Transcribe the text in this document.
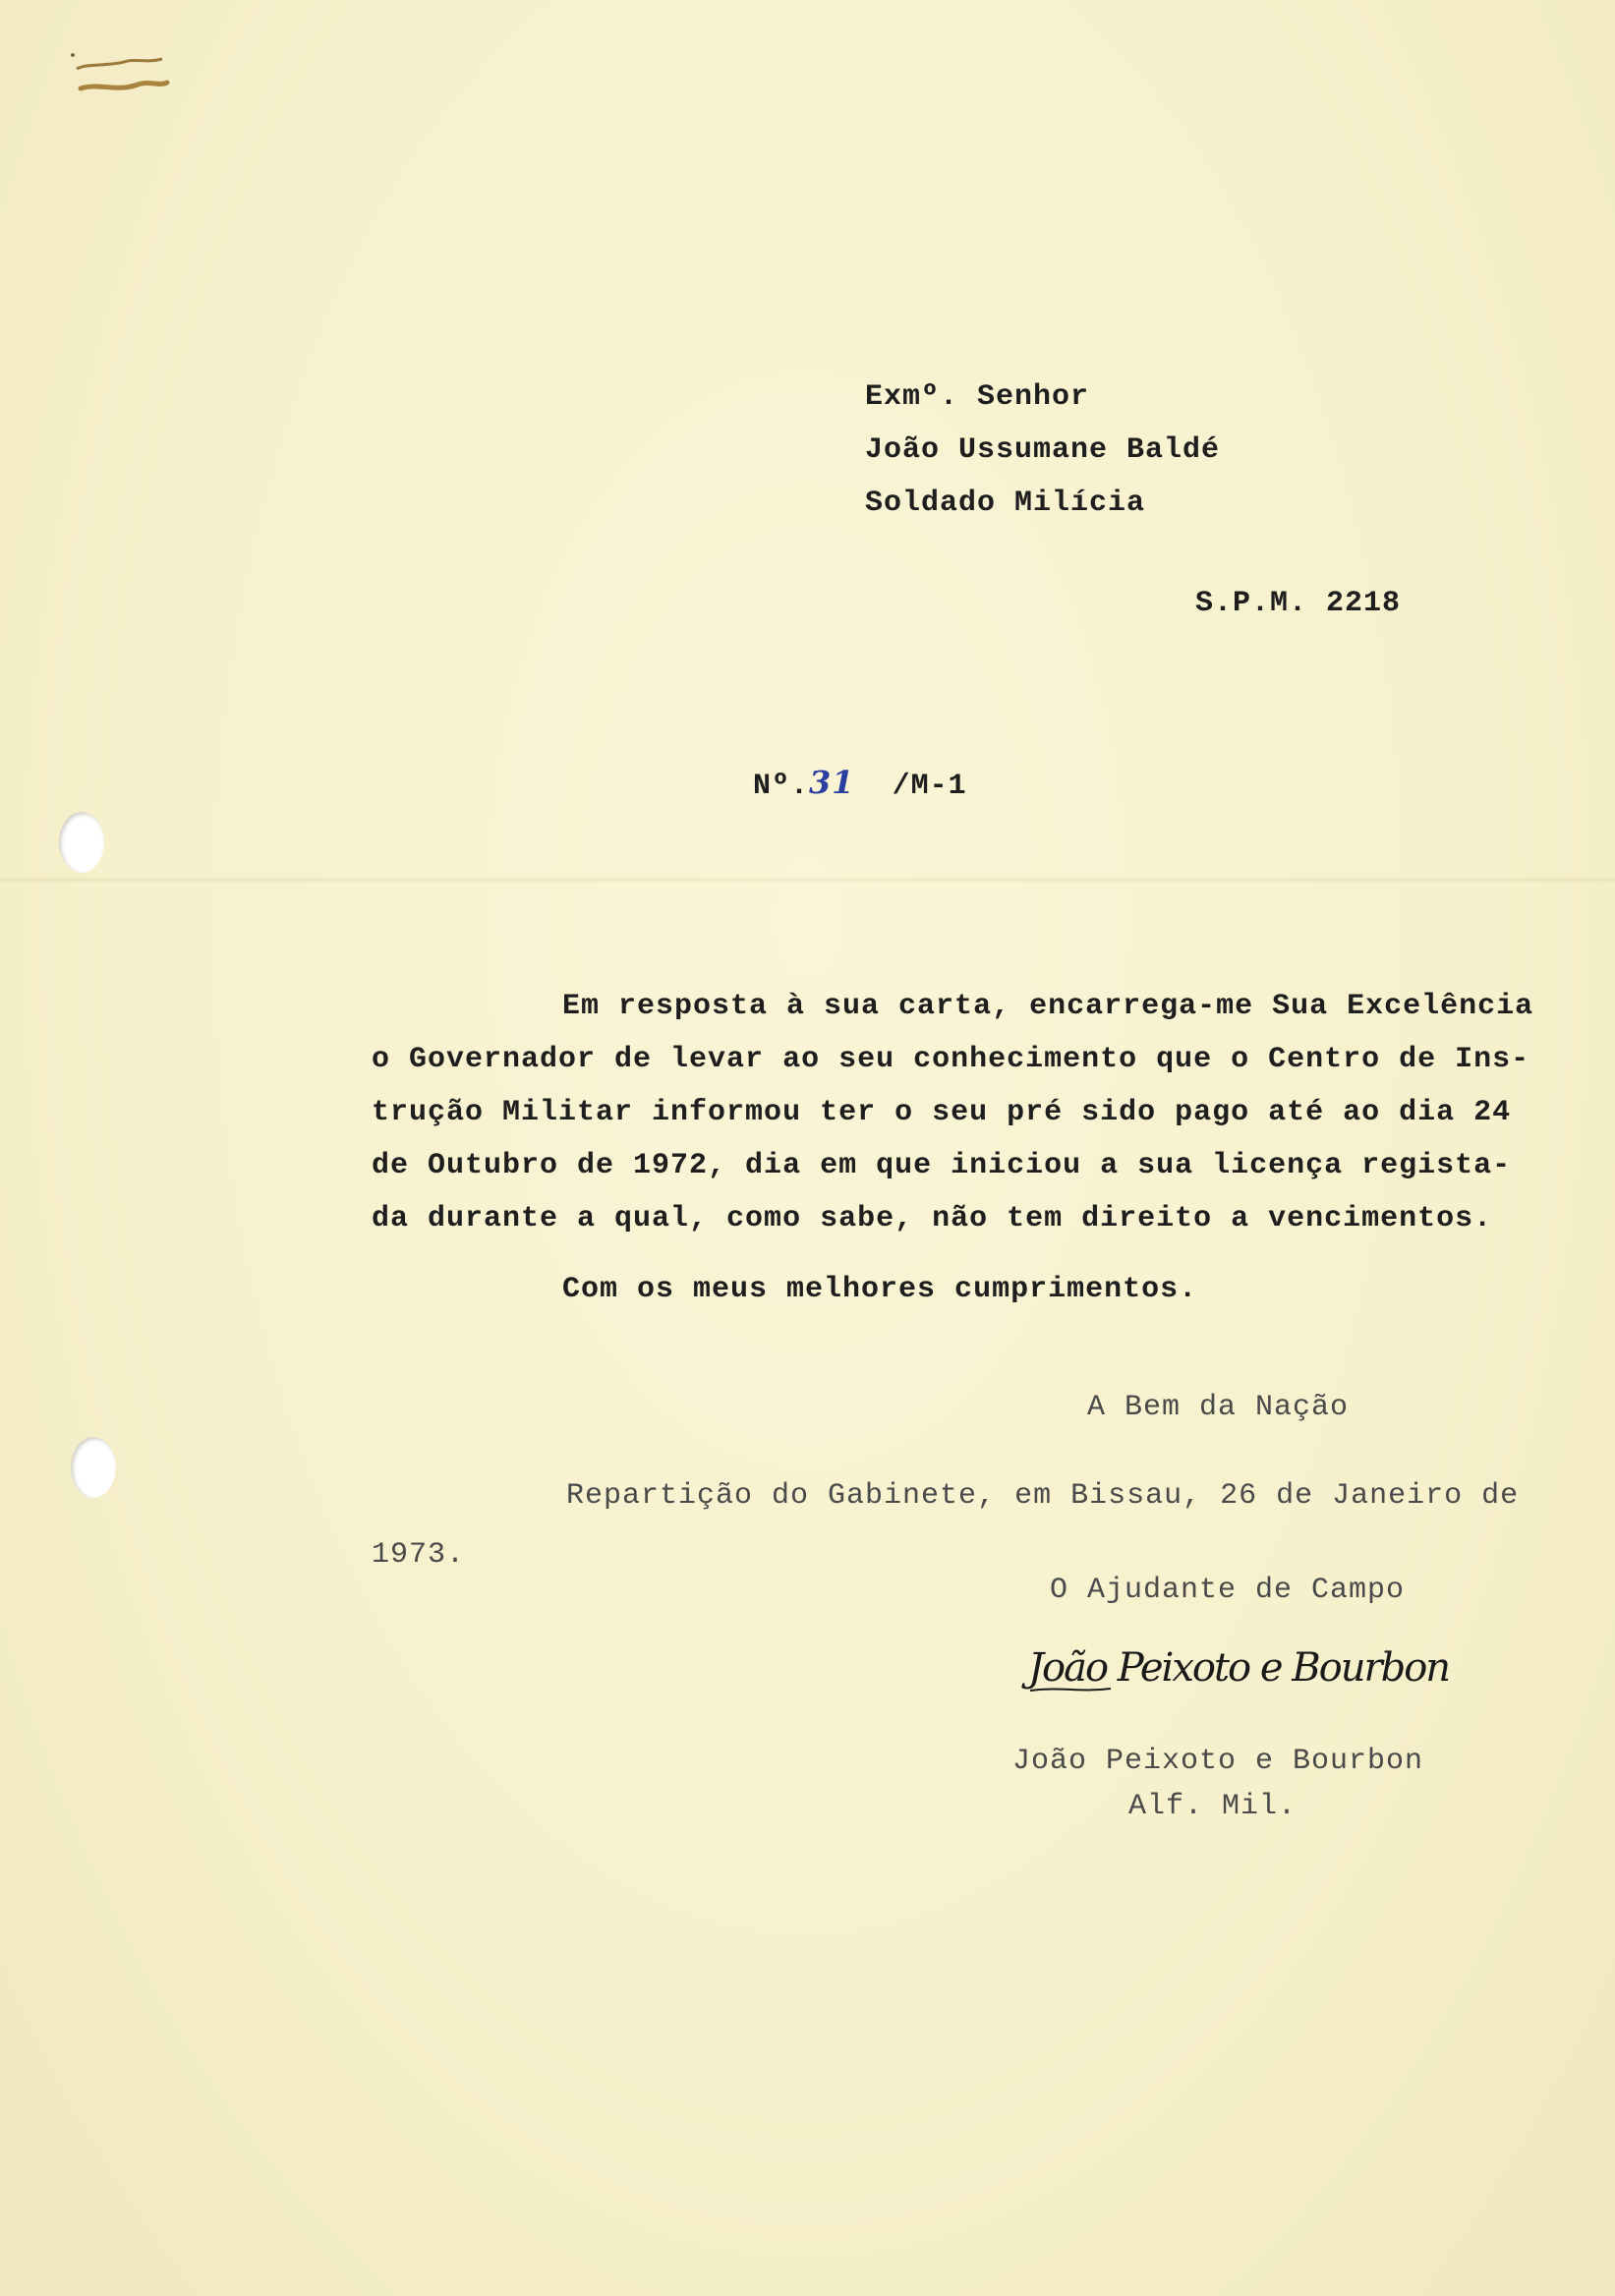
Exmº. Senhor
João Ussumane Baldé
Soldado Milícia
S.P.M. 2218
Nº.31 /M-1
Em resposta à sua carta, encarrega-me Sua Excelência
o Governador de levar ao seu conhecimento que o Centro de Ins-
trução Militar informou ter o seu pré sido pago até ao dia 24
de Outubro de 1972, dia em que iniciou a sua licença regista-
da durante a qual, como sabe, não tem direito a vencimentos.
Com os meus melhores cumprimentos.
A Bem da Nação
Repartição do Gabinete, em Bissau, 26 de Janeiro de
1973.
O Ajudante de Campo
João Peixoto e Bourbon
João Peixoto e Bourbon
Alf. Mil.
